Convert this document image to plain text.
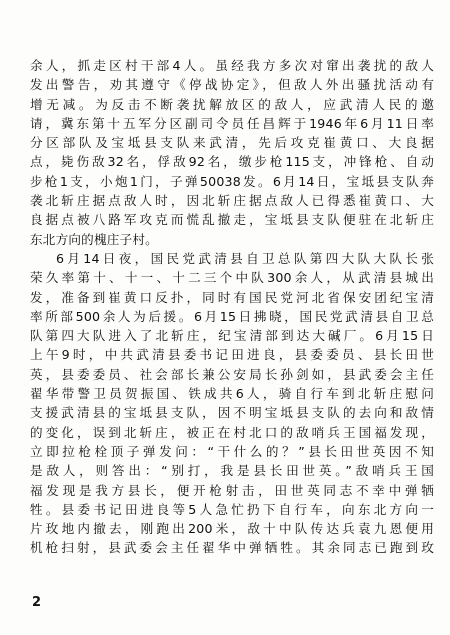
余人，抓走区村干部4人。虽经我方多次对窜出袭扰的敌人
发出警告，劝其遵守《停战协定》，但敌人外出骚扰活动有
增无减。为反击不断袭扰解放区的敌人，应武清人民的邀
请，冀东第十五军分区副司令员任昌辉于1946年6月11日率
分区部队及宝坻县支队来武清，先后攻克崔黄口、大良据
点，毙伤敌32名，俘敌92名，缴步枪115支，冲锋枪、自动
步枪1支，小炮1门，子弹50038发。6月14日，宝坻县支队奔
袭北斩庄据点敌人时，因北斩庄据点敌人已得悉崔黄口、大
良据点被八路军攻克而慌乱撤走，宝坻县支队便驻在北斩庄
东北方向的槐庄子村。
6月14日夜，国民党武清县自卫总队第四大队大队长张
荣久率第十、十一、十二三个中队300余人，从武清县城出
发，准备到崔黄口反扑，同时有国民党河北省保安团纪宝清
率所部500余人为后援。6月15日拂晓，国民党武清县自卫总
队第四大队进入了北斩庄，纪宝清部到达大碱厂。6月15日
上午9时，中共武清县委书记田进良，县委委员、县长田世
英，县委委员、社会部长兼公安局长孙剑如，县武委会主任
翟华带警卫员贺振国、铁成共6人，骑自行车到北斩庄慰问
支援武清县的宝坻县支队，因不明宝坻县支队的去向和敌情
的变化，误到北斩庄，被正在村北口的敌哨兵王国福发现，
立即拉枪栓顶子弹发问：“干什么的？”县长田世英因不知
是敌人，则答出：“别打，我是县长田世英。”敌哨兵王国
福发现是我方县长，便开枪射击，田世英同志不幸中弹牺
牲。县委书记田进良等5人急忙扔下自行车，向东北方向一
片玫地内撤去，刚跑出200米，敌十中队传达兵袁九恩便用
机枪扫射，县武委会主任翟华中弹牺牲。其余同志已跑到玫
2
